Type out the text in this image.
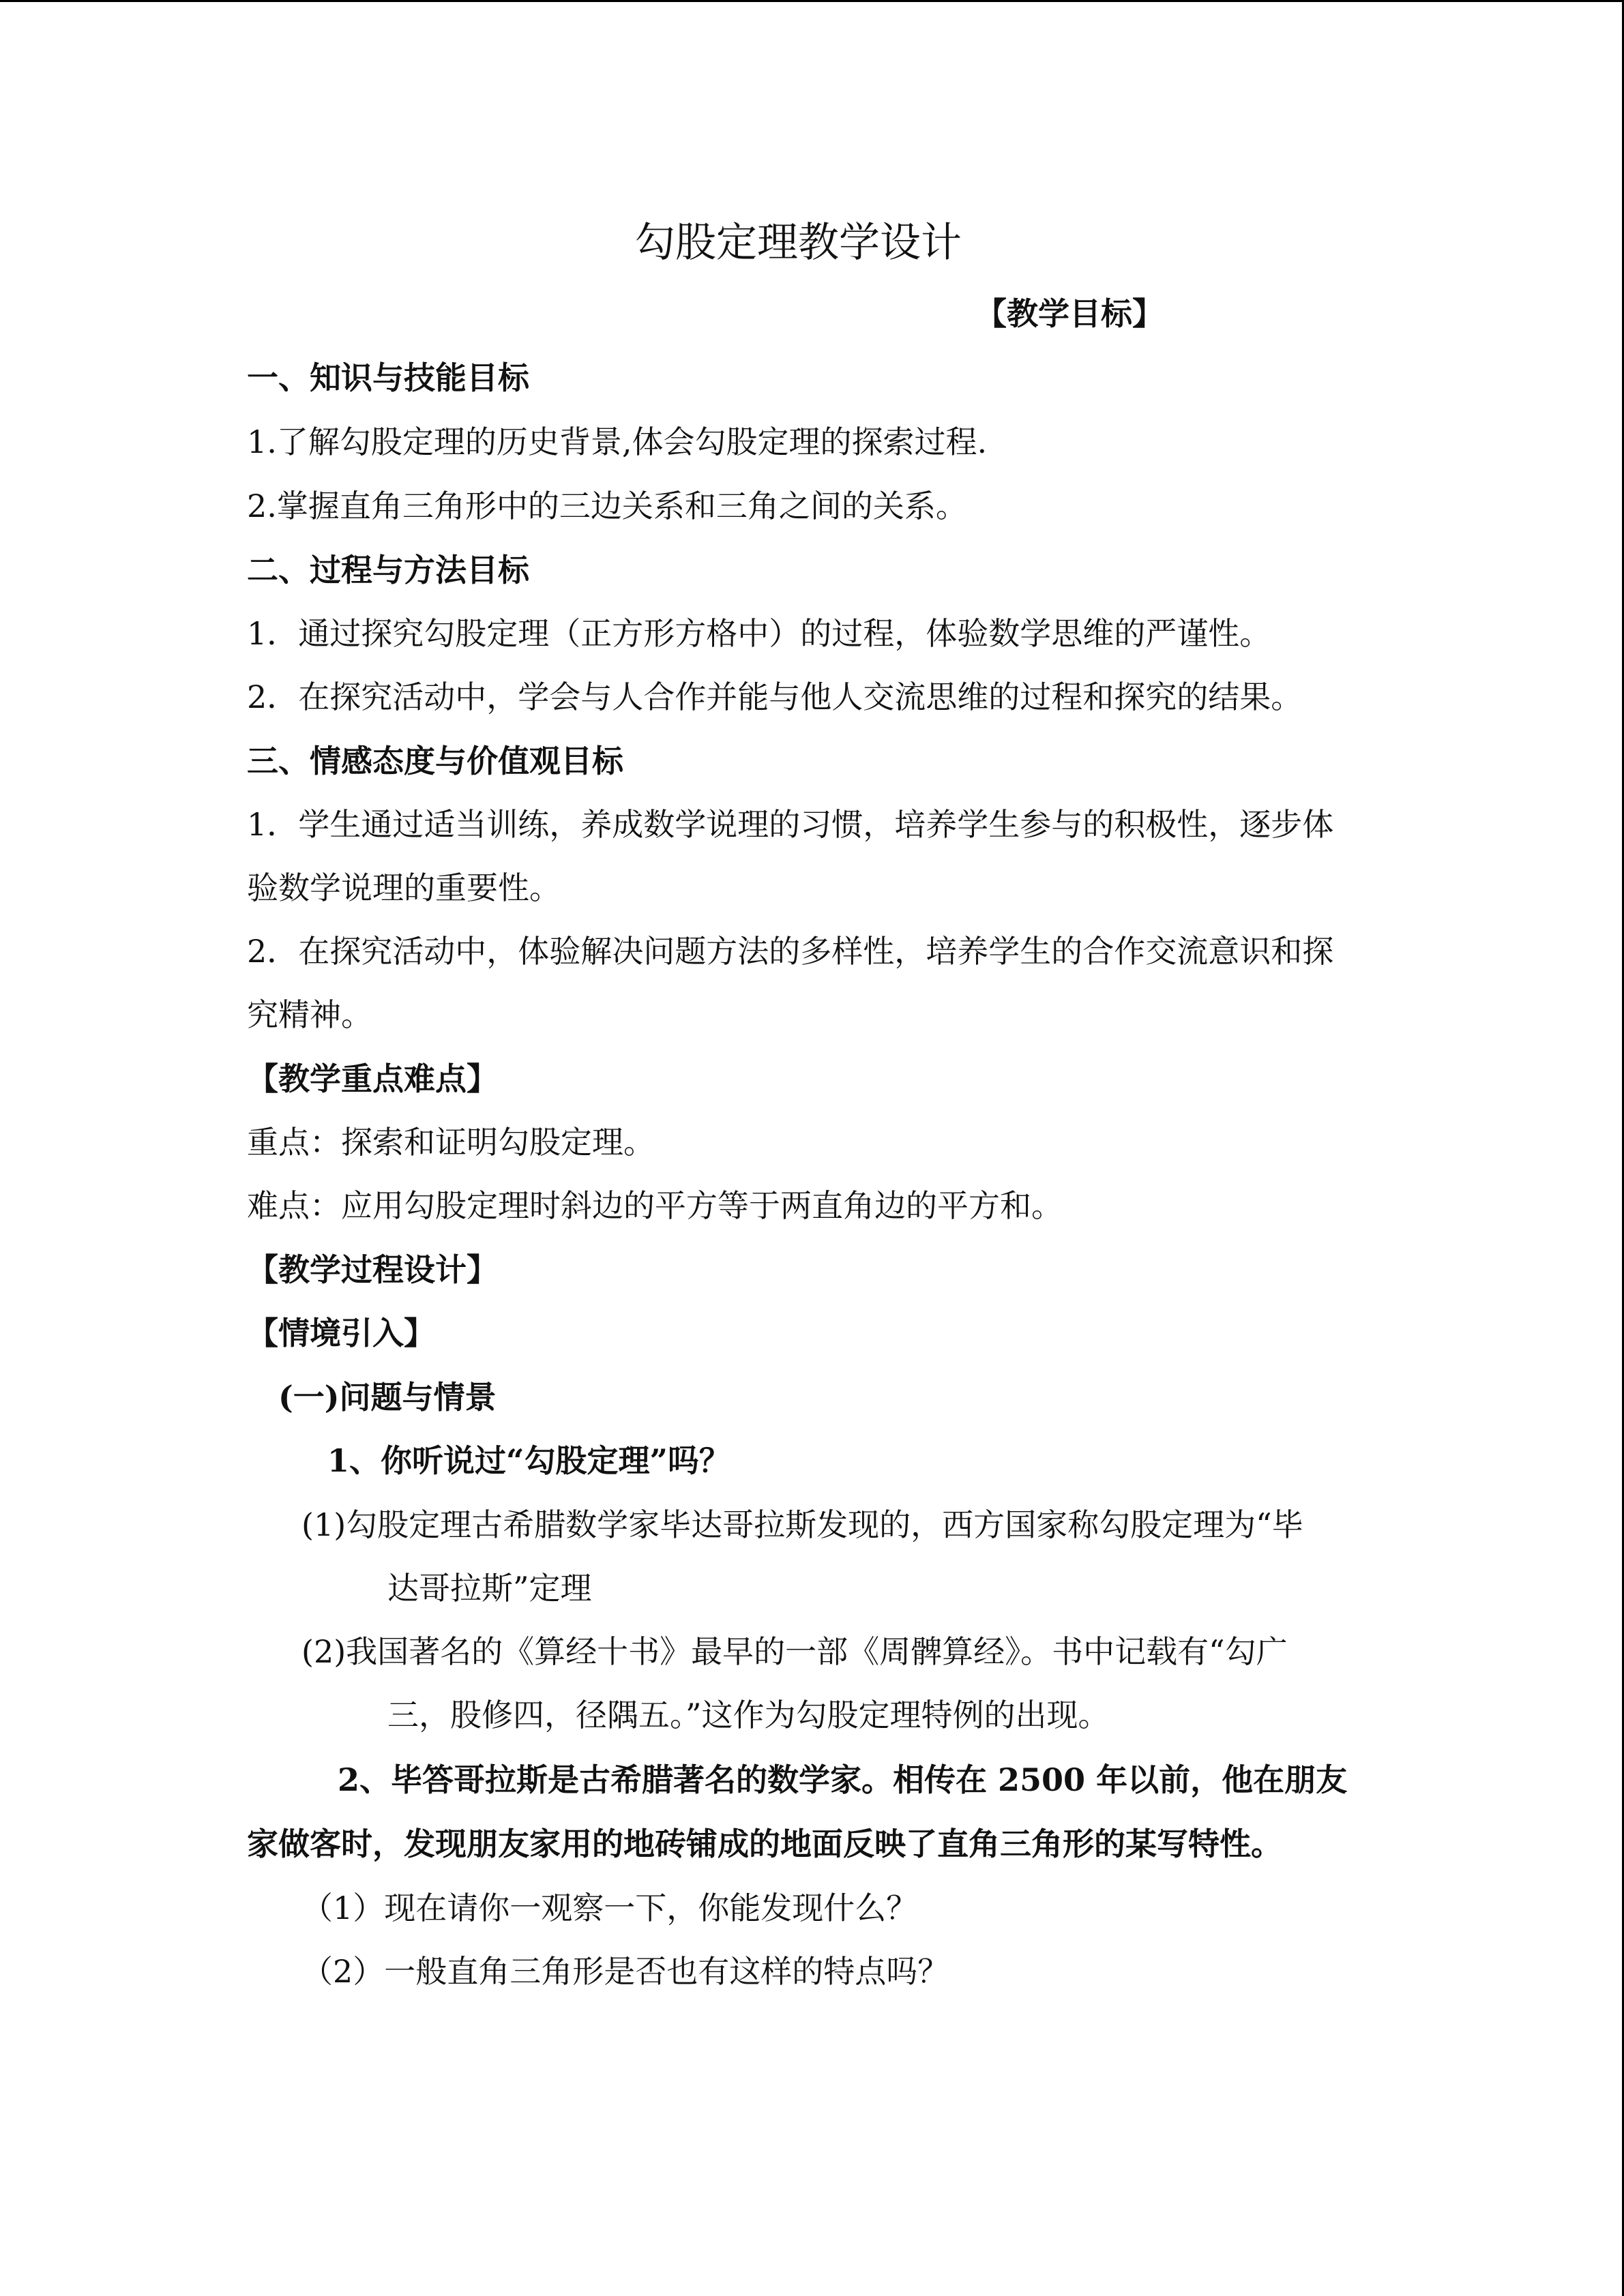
勾股定理教学设计
【教学目标】
一、知识与技能目标
1.了解勾股定理的历史背景,体会勾股定理的探索过程.
2.掌握直角三角形中的三边关系和三角之间的关系。
二、过程与方法目标
1．通过探究勾股定理（正方形方格中）的过程，体验数学思维的严谨性。
2．在探究活动中，学会与人合作并能与他人交流思维的过程和探究的结果。
三、情感态度与价值观目标
1．学生通过适当训练，养成数学说理的习惯，培养学生参与的积极性，逐步体
验数学说理的重要性。
2．在探究活动中，体验解决问题方法的多样性，培养学生的合作交流意识和探
究精神。
【教学重点难点】
重点：探索和证明勾股定理。
难点：应用勾股定理时斜边的平方等于两直角边的平方和。
【教学过程设计】
【情境引入】
(一)问题与情景
1、你听说过“勾股定理”吗？
(1)勾股定理古希腊数学家毕达哥拉斯发现的，西方国家称勾股定理为“毕
达哥拉斯”定理
(2)我国著名的《算经十书》最早的一部《周髀算经》。书中记载有“勾广
三，股修四，径隅五。”这作为勾股定理特例的出现。
2、毕答哥拉斯是古希腊著名的数学家。相传在 2500 年以前，他在朋友
家做客时，发现朋友家用的地砖铺成的地面反映了直角三角形的某写特性。
（1）现在请你一观察一下，你能发现什么？
（2）一般直角三角形是否也有这样的特点吗？
